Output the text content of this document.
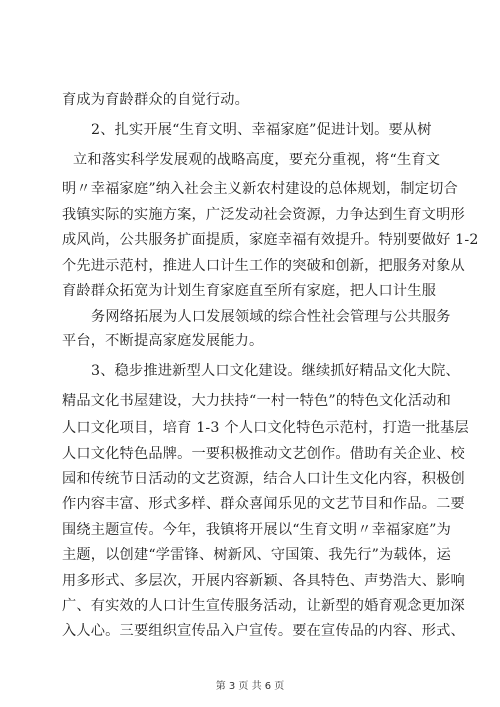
育成为育龄群众的自觉行动。
2、扎实开展“生育文明、幸福家庭”促进计划。要从树
立和落实科学发展观的战略高度，要充分重视，将“生育文
明〃幸福家庭”纳入社会主义新农村建设的总体规划，制定切合
我镇实际的实施方案，广泛发动社会资源，力争达到生育文明形
成风尚，公共服务扩面提质，家庭幸福有效提升。特别要做好 1-2
个先进示范村，推进人口计生工作的突破和创新，把服务对象从
育龄群众拓宽为计划生育家庭直至所有家庭，把人口计生服
务网络拓展为人口发展领域的综合性社会管理与公共服务
平台，不断提高家庭发展能力。
3、稳步推进新型人口文化建设。继续抓好精品文化大院、
精品文化书屋建设，大力扶持“一村一特色”的特色文化活动和
人口文化项目，培育 1-3 个人口文化特色示范村，打造一批基层
人口文化特色品牌。一要积极推动文艺创作。借助有关企业、校
园和传统节日活动的文艺资源，结合人口计生文化内容，积极创
作内容丰富、形式多样、群众喜闻乐见的文艺节目和作品。二要
围绕主题宣传。今年，我镇将开展以“生育文明〃幸福家庭”为
主题，以创建“学雷锋、树新风、守国策、我先行”为载体，运
用多形式、多层次，开展内容新颖、各具特色、声势浩大、影响
广、有实效的人口计生宣传服务活动，让新型的婚育观念更加深
入人心。三要组织宣传品入户宣传。要在宣传品的内容、形式、
第 3 页 共 6 页
